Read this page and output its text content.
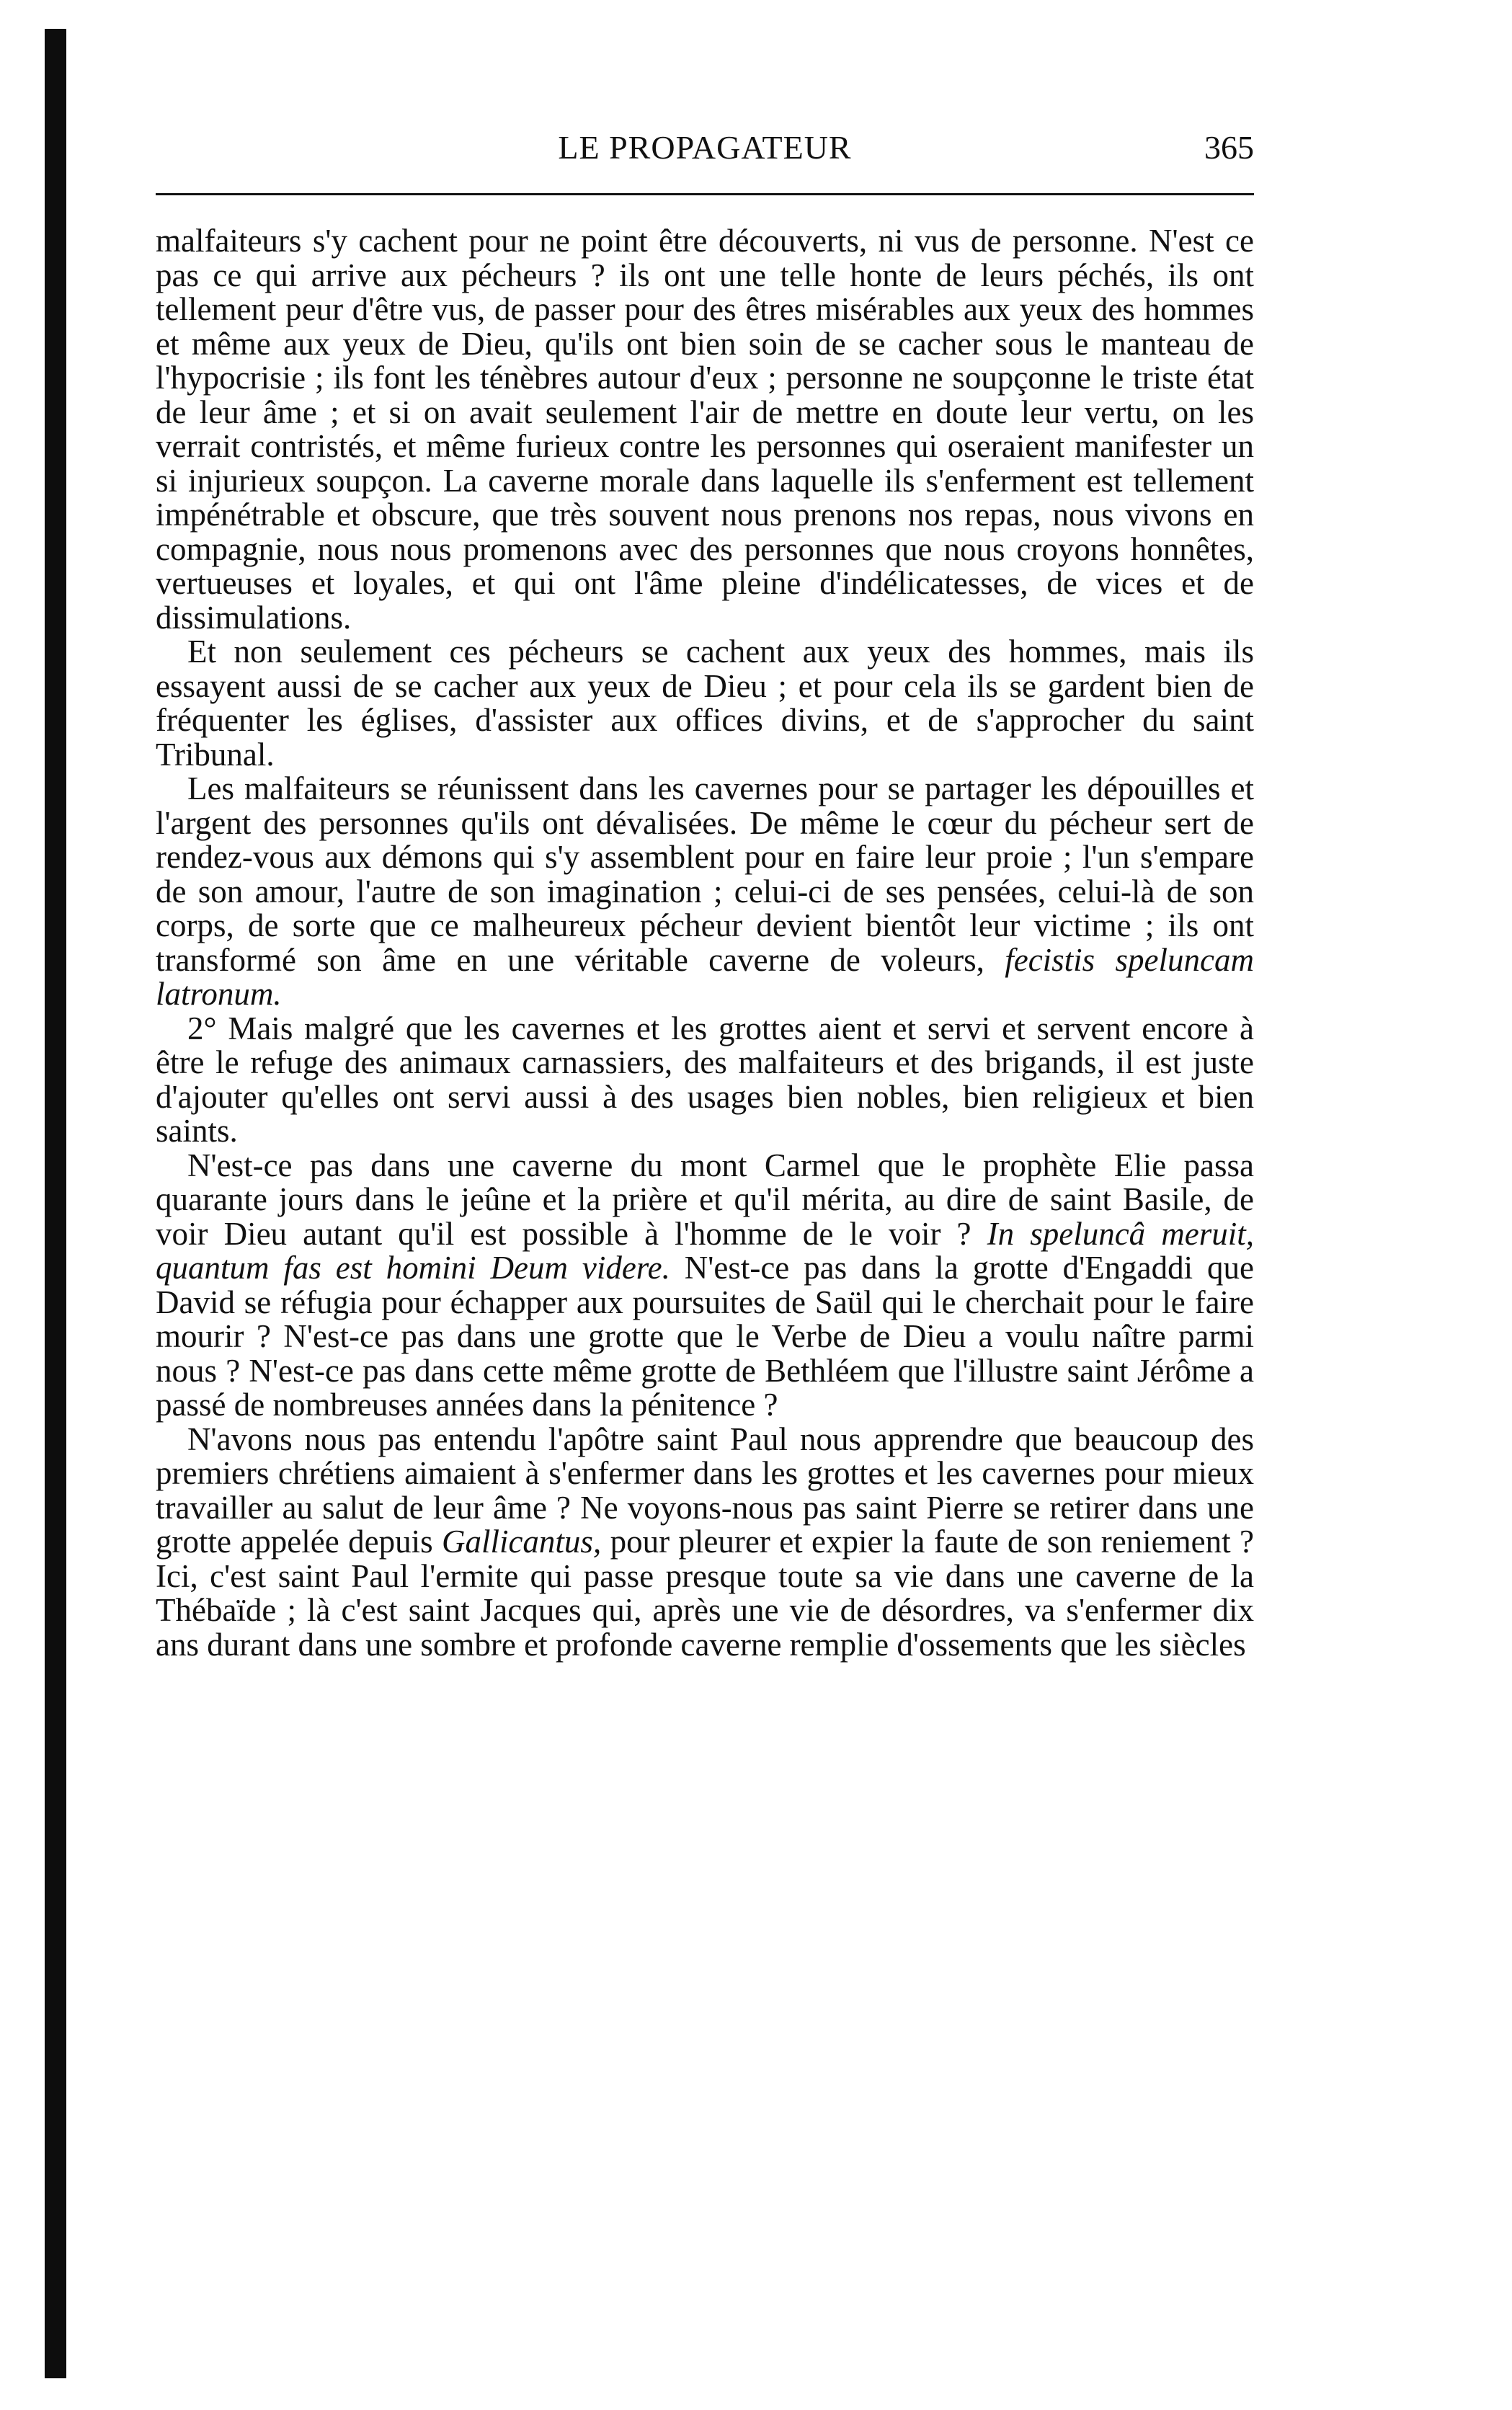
LE PROPAGATEUR	365

malfaiteurs s'y cachent pour ne point être découverts, ni vus de personne. N'est ce pas ce qui arrive aux pécheurs ? ils ont une telle honte de leurs péchés, ils ont tellement peur d'être vus, de passer pour des êtres misérables aux yeux des hommes et même aux yeux de Dieu, qu'ils ont bien soin de se cacher sous le manteau de l'hypocrisie ; ils font les ténèbres autour d'eux ; personne ne soupçonne le triste état de leur âme ; et si on avait seulement l'air de mettre en doute leur vertu, on les verrait contristés, et même furieux contre les personnes qui oseraient manifester un si injurieux soupçon. La caverne morale dans laquelle ils s'enferment est tellement impénétrable et obscure, que très souvent nous prenons nos repas, nous vivons en compagnie, nous nous promenons avec des personnes que nous croyons honnêtes, vertueuses et loyales, et qui ont l'âme pleine d'indélicatesses, de vices et de dissimulations.

Et non seulement ces pécheurs se cachent aux yeux des hommes, mais ils essayent aussi de se cacher aux yeux de Dieu ; et pour cela ils se gardent bien de fréquenter les églises, d'assister aux offices divins, et de s'approcher du saint Tribunal.

Les malfaiteurs se réunissent dans les cavernes pour se partager les dépouilles et l'argent des personnes qu'ils ont dévalisées. De même le cœur du pécheur sert de rendez-vous aux démons qui s'y assemblent pour en faire leur proie ; l'un s'empare de son amour, l'autre de son imagination ; celui-ci de ses pensées, celui-là de son corps, de sorte que ce malheureux pécheur devient bientôt leur victime ; ils ont transformé son âme en une véritable caverne de voleurs, fecistis speluncam latronum.

2° Mais malgré que les cavernes et les grottes aient et servi et servent encore à être le refuge des animaux carnassiers, des malfaiteurs et des brigands, il est juste d'ajouter qu'elles ont servi aussi à des usages bien nobles, bien religieux et bien saints.

N'est-ce pas dans une caverne du mont Carmel que le prophète Elie passa quarante jours dans le jeûne et la prière et qu'il mérita, au dire de saint Basile, de voir Dieu autant qu'il est possible à l'homme de le voir ? In speluncâ meruit, quantum fas est homini Deum videre. N'est-ce pas dans la grotte d'Engaddi que David se réfugia pour échapper aux poursuites de Saül qui le cherchait pour le faire mourir ? N'est-ce pas dans une grotte que le Verbe de Dieu a voulu naître parmi nous ? N'est-ce pas dans cette même grotte de Bethléem que l'illustre saint Jérôme a passé de nombreuses années dans la pénitence ?

N'avons nous pas entendu l'apôtre saint Paul nous apprendre que beaucoup des premiers chrétiens aimaient à s'enfermer dans les grottes et les cavernes pour mieux travailler au salut de leur âme ? Ne voyons-nous pas saint Pierre se retirer dans une grotte appelée depuis Gallicantus, pour pleurer et expier la faute de son reniement ? Ici, c'est saint Paul l'ermite qui passe presque toute sa vie dans une caverne de la Thébaïde ; là c'est saint Jacques qui, après une vie de désordres, va s'enfermer dix ans durant dans une sombre et profonde caverne remplie d'ossements que les siècles
